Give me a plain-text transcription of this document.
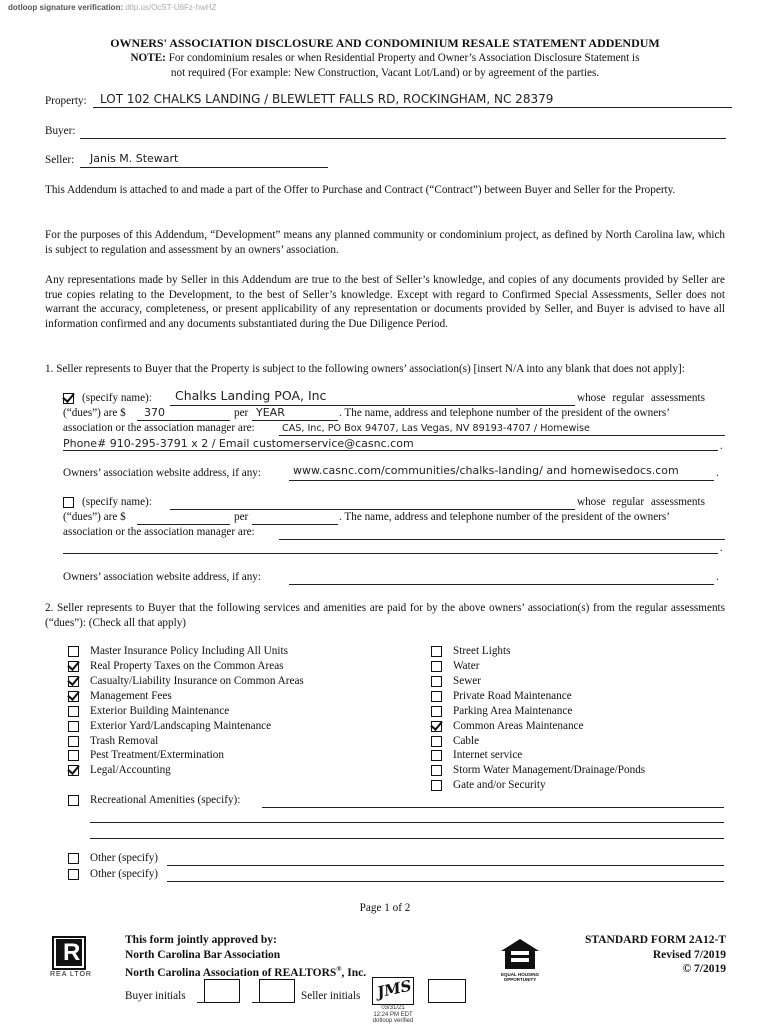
dotloop signature verification: dtlp.us/OcST-U6Fz-hwHZ
OWNERS' ASSOCIATION DISCLOSURE AND CONDOMINIUM RESALE STATEMENT ADDENDUM
NOTE: For condominium resales or when Residential Property and Owner’s Association Disclosure Statement is
not required (For example: New Construction, Vacant Lot/Land) or by agreement of the parties.
Property: LOT 102 CHALKS LANDING / BLEWLETT FALLS RD, ROCKINGHAM, NC 28379
Buyer:
Seller: Janis M. Stewart
This Addendum is attached to and made a part of the Offer to Purchase and Contract (“Contract”) between Buyer and Seller for the Property.
For the purposes of this Addendum, “Development” means any planned community or condominium project, as defined by North Carolina law, which is subject to regulation and assessment by an owners’ association.
Any representations made by Seller in this Addendum are true to the best of Seller’s knowledge, and copies of any documents provided by Seller are true copies relating to the Development, to the best of Seller’s knowledge. Except with regard to Confirmed Special Assessments, Seller does not warrant the accuracy, completeness, or present applicability of any representation or documents provided by Seller, and Buyer is advised to have all information confirmed and any documents substantiated during the Due Diligence Period.
1. Seller represents to Buyer that the Property is subject to the following owners’ association(s) [insert N/A into any blank that does not apply]:
(specify name): Chalks Landing POA, Inc	whose regular assessments
(“dues”) are $ 370	per YEAR	. The name, address and telephone number of the president of the owners’
association or the association manager are:	CAS, Inc, PO Box 94707, Las Vegas, NV 89193-4707 / Homewise
Phone# 910-295-3791 x 2 / Email customerservice@casnc.com	.
Owners’ association website address, if any:	www.casnc.com/communities/chalks-landing/ and homewisedocs.com	.
(specify name):	whose regular assessments
(“dues”) are $	per	. The name, address and telephone number of the president of the owners’
association or the association manager are:
.
Owners’ association website address, if any:	.
2. Seller represents to Buyer that the following services and amenities are paid for by the above owners’ association(s) from the regular assessments (“dues”): (Check all that apply)
Master Insurance Policy Including All Units
Real Property Taxes on the Common Areas
Casualty/Liability Insurance on Common Areas
Management Fees
Exterior Building Maintenance
Exterior Yard/Landscaping Maintenance
Trash Removal
Pest Treatment/Extermination
Legal/Accounting
Street Lights
Water
Sewer
Private Road Maintenance
Parking Area Maintenance
Common Areas Maintenance
Cable
Internet service
Storm Water Management/Drainage/Ponds
Gate and/or Security
Recreational Amenities (specify):
Other (specify)
Other (specify)
Page 1 of 2
R
REA LTOR
This form jointly approved by:
North Carolina Bar Association
North Carolina Association of REALTORS®, Inc.	EQUAL HOUSING
OPPORTUNITY
STANDARD FORM 2A12-T
Revised 7/2019
© 7/2019
Buyer initials	Seller initials JMS
03/31/21
12:24 PM EDT
dotloop verified
